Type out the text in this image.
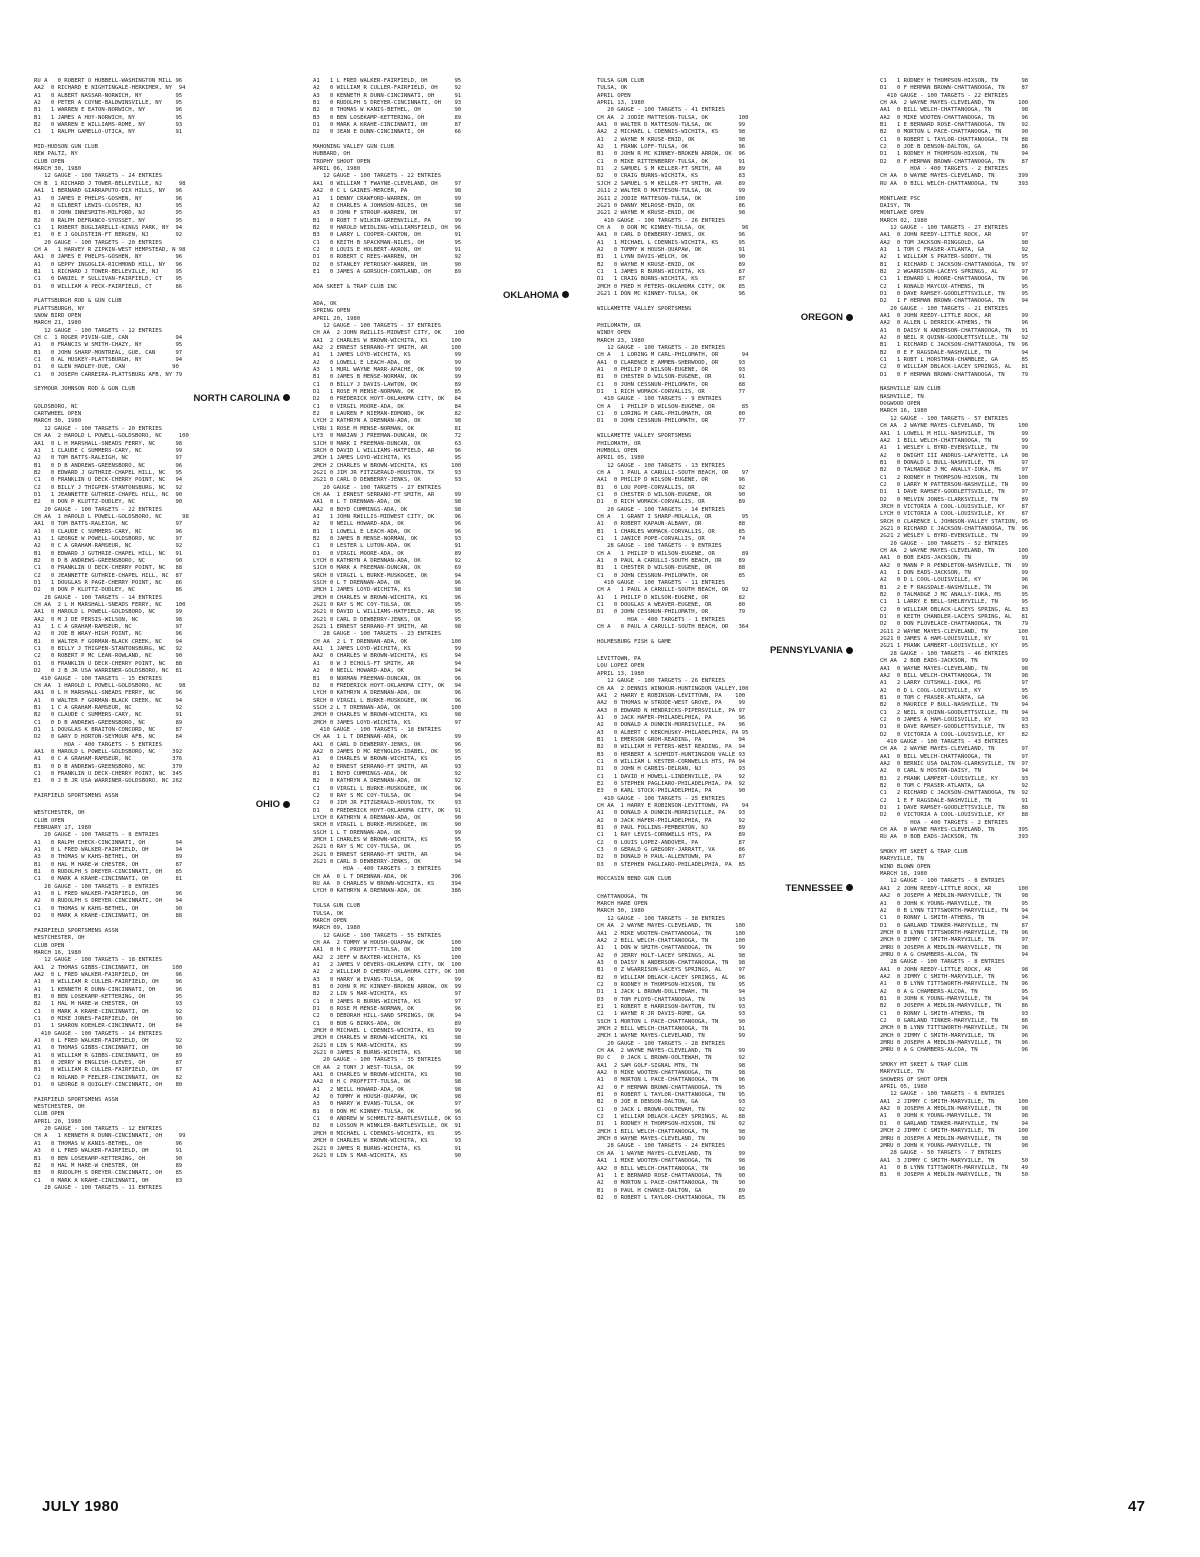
RU A   0 ROBERT O HUBBELL-WASHINGTON MILL 96
AA2  0 RICHARD E NIGHTINGALE-HERKIMER, NY  94
A1   0 ALBERT NASSAR-NORWICH, NY          95
A2   0 PETER A COYNE-BALDWINSVILLE, NY    95
B1   1 WARREN E EATON-NORWICH, NY         96
B1   1 JAMES A HOY-NORWICH, NY            95
B2   0 WARREN E WILLIAMS-ROME, NY         93
C1   1 RALPH GAMELLO-UTICA, NY            91
MID-HUDSON GUN CLUB
NEW PALTZ, NY
CLUB OPEN
MARCH 30, 1980
12 GAUGE - 100 TARGETS - 24 ENTRIES
CH B  1 RICHARD J TOWER-BELLEVILLE, NJ     98
AA1  1 BERNARD GIARRAPUTO-DIX HILLS, NY   96
A1   0 JAMES E PHELPS-GOSHEN, NY          96
A2   0 GILBERT LEWIS-CLOSTER, NJ          95
B1   0 JOHN INNESMITH-MILFORD, NJ         95
B2   0 RALPH DEFRANCO-SYOSSET, NY         95
C1   1 ROBERT BUGLIARELLI-KINGS PARK, NY  94
E1   0 E J GOLDSTEIN-FT BERGEN, NJ        92
20 GAUGE - 100 TARGETS - 20 ENTRIES
CH A   1 HARVEY R ZIPKIN-WEST HEMPSTEAD, N 98
AA1  0 JAMES E PHELPS-GOSHEN, NY          96
A1   0 GEPPY INGOGLIA-RICHMOND HILL, NY   96
B1   1 RICHARD J TOWER-BELLEVILLE, NJ     95
C1   0 DANIEL F SULLIVAN-FAIRFIELD, CT    95
D1   0 WILLIAM A PECK-FAIRFIELD, CT       86
PLATTSBURGH ROD & GUN CLUB
PLATTSBURGH, NY
SNOW BIRD OPEN
MARCH 21, 1980
12 GAUGE - 100 TARGETS - 12 ENTRIES
CH C  1 ROGER PIVIN-GUE, CAN              94
A1   0 FRANCIS W SMITH-CHAZY, NY          95
B1   0 JOHN SHARP-MONTREAL, GUE, CAN      97
C1   0 AL HUSKEY-PLATTSBURGH, NY          94
D1   0 GLEN HADLEY-DUE, CAN              90
C1   0 JOSEPH CARREIRA-PLATTSBURG AFB, NY 79
SEYMOUR JOHNSON ROD & GUN CLUB
NORTH CAROLINA
GOLDSBORO, NC
CARTWHEEL OPEN
MARCH 30, 1980
12 GAUGE - 100 TARGETS - 20 ENTRIES
CH AA  2 HAROLD L POWELL-GOLDSBORO, NC     100
AA1  0 L H MARSHALL-SNEADS FERRY, NC      98
A1   1 CLAUDE C SUMMERS-CARY, NC          99
A2   0 TOM BATTS-RALEIGH, NC              97
B1   0 D B ANDREWS-GREENSBORO, NC         96
B2   0 EDWARD J GUTHRIE-CHAPEL HILL, NC   95
C1   0 FRANKLIN U DECK-CHERRY POINT, NC   94
C2   0 BILLY J THIGPEN-STANTONSBURG, NC   92
D1   1 JEANNETTE GUTHRIE-CHAPEL HILL, NC  90
E2   0 DON P KLUTTZ-DUDLEY, NC            90
20 GAUGE - 100 TARGETS - 22 ENTRIES
CH AA  1 HAROLD L POWELL-GOLDSBORO, NC      98
AA1  0 TOM BATTS-RALEIGH, NC              97
A1   0 CLAUDE C SUMMERS-CARY, NC          96
A1   1 GEORGE W POWELL-GOLDSBORO, NC      97
A2   0 C A GRAHAM-RAMSEUR, NC             92
B1   0 EDWARD J GUTHRIE-CHAPEL HILL, NC   91
B2   0 D B ANDREWS-GREENSBORO, NC         90
C1   0 FRANKLIN U DECK-CHERRY POINT, NC   88
C2   0 JEANNETTE GUTHRIE-CHAPEL HILL, NC  87
D1   1 DOUGLAS R PAGE-CHERRY POINT, NC    86
D2   0 DON P KLUTTZ-DUDLEY, NC            86
28 GAUGE - 100 TARGETS - 14 ENTRIES
CH AA  2 L H MARSHALL-SNEADS FERRY, NC    100
AA1  0 HAROLD L POWELL-GOLDSBORO, NC      99
AA2  0 M J DE PERSIS-WILSON, NC           98
A1   1 C A GRAHAM-RAMSEUR, NC             97
A2   0 JOE B WRAY-HIGH POINT, NC          96
B1   0 WALTER F GORMAN-BLACK CREEK, NC    94
C1   0 BILLY J THIGPEN-STANTONSBURG, NC   92
C2   0 ROBERT P MC LEAN-ROWLAND, NC       90
D1   0 FRANKLIN U DECK-CHERRY POINT, NC   88
D2   0 J B JR USA WARRINER-GOLDSBORO, NC  81
410 GAUGE - 100 TARGETS - 15 ENTRIES
CH AA  1 HAROLD L POWELL-GOLDSBORO, NC     98
AA1  0 L H MARSHALL-SNEADS FERRY, NC      96
A1   0 WALTER F GORMAN-BLACK CREEK, NC    94
B1   1 C A GRAHAM-RAMSEUR, NC             92
B2   0 CLAUDE C SUMMERS-CARY, NC          91
C1   0 D B ANDREWS-GREENSBORO, NC         89
D1   1 DOUGLAS K BRAITON-CONCORD, NC      87
D2   0 GARY D HORTON-SEYMOUR AFB, NC      84
HOA - 400 TARGETS - 5 ENTRIES
AA1  0 HAROLD L POWELL-GOLDSBORO, NC     392
A1   0 C A GRAHAM-RAMSEUR, NC            376
B1   0 D B ANDREWS-GREENSBORO, NC        370
C1   0 FRANKLIN U DECK-CHERRY POINT, NC  345
E1   0 J B JR USA WARRINER-GOLDSBORO, NC 262
FAIRFIELD SPORTSMENS ASSN
OHIO
WESTCHESTER, OH
CLUB OPEN
FEBRUARY 17, 1980
20 GAUGE - 100 TARGETS - 8 ENTRIES
A1   0 RALPH CHECK-CINCINNATI, OH         94
A1   0 L FRED WALKER-FAIRFIELD, OH        94
A3   0 THOMAS W KAHS-BETHEL, OH           89
B1   0 HAL M HARE-W CHESTER, OH           87
B1   0 RUDOLPH S DREYER-CINCINNATI, OH    85
C1   0 MARK A KRAHE-CINCINNATI, OH        81
28 GAUGE - 100 TARGETS - 8 ENTRIES
A1   0 L FRED WALKER-FAIRFIELD, OH        96
A2   0 RUDOLPH S DREYER-CINCINNATI, OH    94
C1   0 THOMAS W KAHS-BETHEL, OH           90
D2   0 MARK A KRAHE-CINCINNATI, OH        88
FAIRFIELD SPORTSMENS ASSN
WESTCHESTER, OH
CLUB OPEN
MARCH 16, 1980
12 GAUGE - 100 TARGETS - 18 ENTRIES
AA1  2 THOMAS GIBBS-CINCINNATI, OH       100
AA2  0 L FRED WALKER-FAIRFIELD, OH        96
A1   0 WILLIAM R CULLER-FAIRFIELD, OH     96
A1   1 KENNETH R DUNN-CINCINNATI, OH      96
B1   0 BEN LOSEKAMP-KETTERING, OH         95
B2   1 HAL M HARE-W CHESTER, OH           93
C1   0 MARK A KRAHE-CINCINNATI, OH        92
C1   0 MIKE JONES-FAIRFIELD, OH           90
D1   1 SHARON KOEHLER-CINCINNATI, OH      84
410 GAUGE - 100 TARGETS - 14 ENTRIES
A1   0 L FRED WALKER-FAIRFIELD, OH        92
A1   0 THOMAS GIBBS-CINCINNATI, OH        90
A1   0 WILLIAM R GIBBS-CINCINNATI, OH     89
B1   0 JERRY W ENGLISH-CLEVES, OH         87
B1   0 WILLIAM R CULLER-FAIRFIELD, OH     87
C2   0 ROLAND P FEELER-CINCINNATI, OH     82
D1   0 GEORGE R QUIGLEY-CINCINNATI, OH    80
FAIRFIELD SPORTSMENS ASSN
WESTCHESTER, OH
CLUB OPEN
APRIL 20, 1980
20 GAUGE - 100 TARGETS - 12 ENTRIES
CH A   1 KENNETH R DUNN-CINCINNATI, OH     99
A1   0 THOMAS W KANIS-BETHEL, OH          96
A3   0 L FRED WALKER-FAIRFIELD, OH        91
B1   0 BEN LOSEKAMP-KETTERING, OH         90
B2   0 HAL M HARE-W CHESTER, OH           89
B3   0 RUDOLPH S DREYER-CINCINNATI, OH    85
C1   0 MARK A KRAHE-CINCINNATI, OH        83
28 GAUGE - 100 TARGETS - 11 ENTRIES
A1   1 L FRED WALKER-FAIRFIELD, OH        95
A2   0 WILLIAM R CULLER-FAIRFIELD, OH     92
A3   0 KENNETH R DUNN-CINCINNATI, OH      91
B1   0 RUDOLPH S DREYER-CINCINNATI, OH    93
B2   0 THOMAS W KANIS-BETHEL, OH          90
B3   0 BEN LOSEKAMP-KETTERING, OH         89
D1   0 MARK A KRAHE-CINCINNATI, OH        87
D2   0 JEAN E DUNN-CINCINNATI, OH         66
MAHONING VALLEY GUN CLUB
HUBBARD, OH
TROPHY SHOOT OPEN
APRIL 06, 1980
12 GAUGE - 100 TARGETS - 22 ENTRIES
AA1  0 WILLIAM T FWAYNE-CLEVELAND, OH     97
AA2  0 C L GAINES-MERCER, PA              98
A1   1 DENNY CRAWFORD-WARREN, OH          99
A2   0 CHARLES A JOHNSON-NILES, OH        98
A3   0 JOHN F STROUP-WARREN, OH           97
B1   0 ROBT T WILKIN-GREENVILLE, PA       99
B2   0 HAROLD WEIDLING-WILLIAMSFIELD, OH  96
B3   0 LARRY L COOPER-CANTON, OH          91
C1   0 KEITH B SPACKMAN-NILES, OH         95
C2   0 LOUIS E HOLBERT-AKRON, OH          91
D1   0 ROBERT C REES-WARREN, OH           92
D2   0 STANLEY PETROSKY-WARREN, OH        90
E1   0 JAMES A GORSUCH-CORTLAND, OH       89
ADA SKEET & TRAP CLUB INC
OKLAHOMA
ADA, OK
SPRING OPEN
APRIL 20, 1980
12 GAUGE - 100 TARGETS - 37 ENTRIES
CH AA  2 JOHN RWILLIS-MIDWEST CITY, OK    100
AA1  2 CHARLES W BROWN-WICHITA, KS       100
AA2  2 ERNEST SERRANO-FT SMITH, AR       100
A1   1 JAMES LOYD-WICHITA, KS             99
A2   0 LOWELL E LEACH-ADA, OK             99
A3   1 MURL WAYNE MARR-APACHE, OK         99
B1   0 JAMES B MENSE-NORMAN, OK           99
C1   0 BILLY J DAVIS-LAWTON, OK           89
D1   1 ROSE M MENSE-NORMAN, OK            85
D2   0 FREDERICK HOYT-OKLAHOMA CITY, OK   84
C1   0 VIRGIL MOORE-ADA, OK               84
E2   0 LAUREN F NIEMAN-EDMOND, OK         82
LYCH 2 KATHRYN A DRENNAN-ADA, OK          98
LYRU 1 ROSE M MENSE-NORMAN, OK            81
LY3  0 MARIAN J FREEMAN-DUNCAN, OK        72
SJCH 0 MARK I FREEMAN-DUNCAN, OK          63
SRCH 0 DAVID L WILLIAMS-HATFIELD, AR      96
2MCH 1 JAMES LOYD-WICHITA, KS             95
2MCH 2 CHARLES W BROWN-WICHITA, KS       100
2G21 0 JIM JR FITZGERALD-HOUSTON, TX      93
2G21 0 CARL D DEWBERRY-JENKS, OK          93
20 GAUGE - 100 TARGETS - 27 ENTRIES
CH AA  1 ERNEST SERRANO-FT SMITH, AR      99
AA1  0 L T DRENNAN-ADA, OK                98
AA2  0 BOYD CUMMINGS-ADA, OK              98
A1   1 JOHN RWILLIS-MIDWEST CITY, OK      96
A2   0 NEILL HOWARD-ADA, OK               96
B1   1 LOWELL E LEACH-ADA, OK             96
B2   0 JAMES B MENSE-NORMAN, OK           93
C1   0 LESTER L LUTON-ADA, OK             91
D1   0 VIRGIL MOORE-ADA, OK               89
LYCH 0 KATHRYN A DRENNAN-ADA, OK          92
SJCH 0 MARK A FREEMAN-DUNCAN, OK          69
SRCH 0 VIRGIL L BURKE-MUSKOGEE, OK        94
SSCH 0 L T DRENNAN-ADA, OK                96
2MCH 1 JAMES LOYD-WICHITA, KS             98
2MCH 0 CHARLES W BROWN-WICHITA, KS        96
2G21 0 RAY S MC COY-TULSA, OK             95
2G21 0 DAVID L WILLIAMS-HATFIELD, AR      95
2G21 0 CARL D DEWBERRY-JENKS, OK          95
2G21 1 ERNEST SERRANO-FT SMITH, AR        98
28 GAUGE - 100 TARGETS - 23 ENTRIES
CH AA  2 L T DRENNAN-ADA, OK             100
AA1  1 JAMES LOYD-WICHITA, KS             99
AA2  0 CHARLES W BROWN-WICHITA, KS        94
A1   0 W J ECHOLS-FT SMITH, AR            94
A2   0 NEILL HOWARD-ADA, OK               94
B1   0 NORMAN FREEMAN-DUNCAN, OK          96
D2   0 FREDERICK HOYT-OKLAHOMA CITY, OK   94
LYCH 0 KATHRYN A DRENNAN-ADA, OK          96
SRCH 0 VIRGIL L BURKE-MUSKOGEE, OK        96
SSCH 2 L T DRENNAN-ADA, OK               100
2MCH 0 CHARLES W BROWN-WICHITA, KS        98
2MCH 0 JAMES LOYD-WICHITA, KS             97
410 GAUGE - 100 TARGETS - 18 ENTRIES
CH AA  1 L T DRENNAN-ADA, OK              99
AA1  0 CARL D DEWBERRY-JENKS, OK          96
AA2  0 JAMES D MC REYNOLDS-IDABEL, OK     95
A1   0 CHARLES W BROWN-WICHITA, KS        95
A2   0 ERNEST SERRANO-FT SMITH, AR        93
B1   1 BOYD CUMMINGS-ADA, OK              92
B2   0 KATHRYN A DRENNAN-ADA, OK          92
C1   0 VIRGIL L BURKE-MUSKOGEE, OK        96
C2   0 RAY S MC COY-TULSA, OK             94
C2   0 JIM JR FITZGERALD-HOUSTON, TX      93
D1   0 FREDERICK HOYT-OKLAHOMA CITY, OK   91
LYCH 0 KATHRYN A DRENNAN-ADA, OK          90
SRCH 0 VIRGIL L BURKE-MUSKOGEE, OK        90
SSCH 1 L T DRENNAN-ADA, OK                99
2MCH 1 CHARLES W BROWN-WICHITA, KS        95
2G21 0 RAY S MC COY-TULSA, OK             95
2G21 0 ERNEST SERRANO-FT SMITH, AR        94
2G21 0 CARL D DEWBERRY-JENKS, OK          94
HOA - 400 TARGETS - 3 ENTRIES
CH AA  0 L T DRENNAN-ADA, OK             396
RU AA  0 CHARLES W BROWN-WICHITA, KS     394
LYCH 0 KATHRYN A DRENNAN-ADA, OK         386
TULSA GUN CLUB
TULSA, OK
MARCH OPEN
MARCH 09, 1980
12 GAUGE - 100 TARGETS - 55 ENTRIES
CH AA  2 TOMMY W HOUSH-QUAPAW, OK        100
AA1  0 H C PROFFITT-TULSA, OK            100
AA2  2 JEFF W BAXTER-WICHITA, KS         100
A1   2 JAMES V DEVERS-OKLAHOMA CITY, OK  100
A2   2 WILLIAM D CHERRY-OKLAHOMA CITY, OK 100
A3   0 HARRY W EVANS-TULSA, OK            99
B1   0 JOHN R MC KINNEY-BROKEN ARROW, OK  99
B2   2 LIN S MAR-WICHITA, KS              97
C1   0 JAMES R BURNS-WICHITA, KS          97
D1   0 ROSE M MENSE-NORMAN, OK            96
C2   0 DEBORAH HILL-SAND SPRINGS, OK      94
C1   0 BOB G BIRKS-ADA, OK                89
2MCH 0 MICHAEL L CDENNIS-WICHITA, KS      99
2MCH 0 CHARLES W BROWN-WICHITA, KS        98
2G21 0 LIN S MAR-WICHITA, KS              99
2G21 0 JAMES R BURNS-WICHITA, KS          98
20 GAUGE - 100 TARGETS - 35 ENTRIES
CH AA  2 TONY J WEST-TULSA, OK            99
AA1  0 CHARLES W BROWN-WICHITA, KS        98
AA2  0 H C PROFFITT-TULSA, OK             98
A1   2 NEILL HOWARD-ADA, OK               98
A2   0 TOMMY W HOUSH-QUAPAW, OK           98
A3   0 HARRY W EVANS-TULSA, OK            97
B1   0 DON MC KINNEY-TULSA, OK            96
C1   0 ANDREW W SCHMELTZ-BARTLESVILLE, OK 93
D2   0 LOSSON M WINKLER-BARTLESVILLE, OK  91
2MCH 0 MICHAEL L CDENNIS-WICHITA, KS      95
2MCH 0 CHARLES W BROWN-WICHITA, KS        93
2G21 0 JAMES R BURNS-WICHITA, KS          91
2G21 0 LIN S MAR-WICHITA, KS              90
TULSA GUN CLUB
TULSA, OK
APRIL OPEN
APRIL 13, 1980
20 GAUGE - 100 TARGETS - 41 ENTRIES
CH AA  2 JODIE MATTESON-TULSA, OK         100
AA1  0 WALTER D MATTESON-TULSA, OK        99
AA2  2 MICHAEL L CDENNIS-WICHITA, KS      98
A1   2 WAYNE M KRUSE-ENID, OK             98
A2   1 FRANK LOFF-TULSA, OK               96
B1   0 JOHN R MC KINNEY-BROKEN ARROW, OK  96
C1   0 MIKE RITTENBERRY-TULSA, OK         91
D1   2 SAMUEL S M KELLER-FT SMITH, AR     89
D2   0 CRAIG BURNS-WICHITA, KS            83
SJCH 2 SAMUEL S M KELLER-FT SMITH, AR     89
2G11 2 WALTER D MATTESON-TULSA, OK        99
2G11 2 JODIE MATTESON-TULSA, OK          100
2G21 0 DANNY MELROSE-ENID, OK             86
2G21 2 WAYNE M KRUSE-ENID, OK             98
410 GAUGE - 100 TARGETS - 26 ENTRIES
CH A   0 DON MC KINNEY-TULSA, OK           96
AA1  0 CARL D DEWBERRY-JENKS, OK          96
A1   1 MICHAEL L CDENNIS-WICHITA, KS      95
A2   0 TOMMY W HOUSH-QUAPAW, OK           91
B1   1 LYNN DAVIS-WELCH, OK               90
B2   0 WAYNE M KRUSE-ENID, OK             89
C1   1 JAMES R BURNS-WICHITA, KS          87
D1   1 CRAIG BURNS-WICHITA, KS            87
2MCH 0 FRED H PETERS-OKLAHOMA CITY, OK    85
2G21 1 DON MC KINNEY-TULSA, OK            96
WILLAMETTE VALLEY SPORTSMENS
OREGON
PHILOMATH, OR
WINDY OPEN
MARCH 23, 1980
12 GAUGE - 100 TARGETS - 20 ENTRIES
CH A   1 LORING M CARL-PHILOMATH, OR       94
AA1  0 CLARENCE E AMMEN-SHERWOOD, OR      93
A1   0 PHILIP D WILSON-EUGENE, OR         93
B1   0 CHESTER D WILSON-EUGENE, OR        91
C1   0 JOHN CESSNUN-PHILOMATH, OR         88
D1   1 RICH WOMACK-CORVALLIS, OR          77
410 GAUGE - 100 TARGETS - 9 ENTRIES
CH A   1 PHILIP D WILSON-EUGENE, OR        85
C1   0 LORING M CARL-PHILOMATH, OR        80
D1   0 JOHN CESSNUN-PHILOMATH, OR         77
WILLAMETTE VALLEY SPORTSMENS
PHILOMATH, OR
HUMBOLL OPEN
APRIL 05, 1980
12 GAUGE - 100 TARGETS - 13 ENTRIES
CH A   1 PAUL A CARULLI-SOUTH BEACH, OR    97
AA1  0 PHILIP D WILSON-EUGENE, OR         96
B1   0 LOU POPE-CORVALLIS, OR             92
C1   0 CHESTER D WILSON-EUGENE, OR        90
D1   0 RICH WOMACK-CORVALLIS, OR          89
20 GAUGE - 100 TARGETS - 14 ENTRIES
CH A   1 GRANT I SHARP-MOLALLA, OR         95
A1   0 ROBERT KAPAUN-ALBANY, OR           88
B1   1 CHARLES WOMACK-CORVALLIS, OR       85
C1   1 JANICE POPE-CORVALLIS, OR          74
28 GAUGE - 100 TARGETS - 9 ENTRIES
CH A   1 PHILIP D WILSON-EUGENE, OR        89
A1   0 PAUL A CARULLI-SOUTH BEACH, OR     89
B1   1 CHESTER D WILSON-EUGENE, OR        88
C1   0 JOHN CESSNUN-PHILOMATH, OR         85
410 GAUGE - 100 TARGETS - 11 ENTRIES
CH A   1 PAUL A CARULLI-SOUTH BEACH, OR    92
A1   1 PHILIP D WILSON-EUGENE, OR         82
C1   0 DOUGLAS A WEAVER-EUGENE, OR        80
D1   0 JOHN CESSNUN-PHILOMATH, OR         79
HOA - 400 TARGETS - 1 ENTRIES
CH A   0 PAUL A CARULLI-SOUTH BEACH, OR   364
HOLMESBURG FISH & GAME
PENNSYLVANIA
LEVITTOWN, PA
LOU LOPEZ OPEN
APRIL 13, 1980
12 GAUGE - 100 TARGETS - 26 ENTRIES
CH AA  2 DENNIS WINOKUR-HUNTINGDON VALLEY,100
AA1  2 HARRY E ROBINSON-LEVITTOWN, PA    100
AA2  0 THOMAS W STRODE-WEST GROVE, PA     99
AA3  0 EDWARD N HENDRICKS-PIPERSVILLE, PA 97
A1   0 JACK HAFER-PHILADELPHIA, PA        96
A2   0 DONALD A DUNKIN-MORRISVILLE, PA    96
A3   0 ALBERT C KERCHUSKY-PHILADELPHIA, PA 95
B1   1 EMERSON GROH-READING, PA           94
B2   0 WILLIAM H PETERS-WEST READING, PA  94
B3   0 HERBERT A SCHMIDT-HUNTINGDON VALLE 93
C1   0 WILLIAM L KESTER-CORNWELLS HTS, PA 94
D1   0 JOHN H CARBIS-DELRAN, NJ           93
C1   1 DAVID H HOWELL-LINDENVILLE, PA     92
E2   0 STEPHEN PAGLIARO-PHILADELPHIA, PA  92
E3   0 KARL STOCK-PHILADELPHIA, PA        90
410 GAUGE - 100 TARGETS - 25 ENTRIES
CH AA  1 HARRY E ROBINSON-LEVITTOWN, PA    94
A1   0 DONALD A DUNKIN-MORRISVILLE, PA    93
A2   0 JACK HAFER-PHILADELPHIA, PA        92
B1   0 PAUL FOLLINS-PEMBERTON, NJ         89
C1   1 RAY LEVIS-CORNWELLS HTS, PA        89
C2   0 LOUIS LOPEZ-ANDOVER, PA            87
C3   0 GERALD G GREGORY-JARRATT, VA       86
D2   0 DONALD H PAUL-ALLENTOWN, PA        87
D3   0 STEPHEN PAGLIARO-PHILADELPHIA, PA  85
MOCCASIN BEND GUN CLUB
TENNESSEE
CHATTANOOGA, TN
MARCH HARE OPEN
MARCH 30, 1980
12 GAUGE - 100 TARGETS - 38 ENTRIES
CH AA  2 WAYNE MAYES-CLEVELAND, TN       100
AA1  2 MIKE WOOTEN-CHATTANOOGA, TN       100
AA2  2 BILL WELCH-CHATTANOOGA, TN        100
A1   1 DON W SMITH-CHATTANOOGA, TN        99
A2   0 JERRY HOLT-LACEY SPRINGS, AL       98
A3   0 DAISY N ANDERSON-CHATTANOOGA, TN   98
B1   0 Z WGARRISON-LACEYS SPRINGS, AL     97
B2   0 WILLIAM DBLACK-LACEY SPRINGS, AL   96
C2   0 RODNEY H THOMPSON-HIXSON, TN       95
D1   1 JACK L BROWN-DOLLTEWAH, TN         94
D3   0 TOM FLOYD-CHATTANOOGA, TN          93
E1   1 ROBERT E HARRISON-DAYTON, TN       93
C2   1 WAYNE R JR DAVIS-ROME, GA          93
SSCH 1 MORTON L PACE-CHATTANOOGA, TN      90
2MCH 2 BILL WELCH-CHATTANOOGA, TN         91
2MCH 1 WAYNE MAYES-CLEVELAND, TN          99
20 GAUGE - 100 TARGETS - 28 ENTRIES
CH AA  2 WAYNE MAYES-CLEVELAND, TN        99
RU C   0 JACK L BROWN-OOLTEWAH, TN        92
AA1  2 SAM GOLF-SIGNAL MTN, TN            98
AA2  0 MIKE WOOTEN-CHATTANOOGA, TN        98
A1   0 MORTON L PACE-CHATTANOOGA, TN      96
A2   0 F HERMAN BROWN-CHATTANOOGA, TN     95
B1   0 ROBERT L TAYLOR-CHATTANOOGA, TN    95
B2   0 JOE B DENSON-DALTON, GA            93
C1   0 JACK L BROWN-OOLTEWAH, TN          92
C2   1 WILLIAM DBLACK-LACEY SPRINGS, AL   88
D1   1 RODNEY H THOMPSON-HIXSON, TN       92
2MCH 1 BILL WELCH-CHATTANOOGA, TN         98
2MCH 0 WAYNE MAYES-CLEVELAND, TN          99
28 GAUGE - 100 TARGETS - 24 ENTRIES
CH AA  1 WAYNE MAYES-CLEVELAND, TN        99
AA1  1 MIKE WOOTEN-CHATTANOOGA, TN        98
AA2  0 BILL WELCH-CHATTANOOGA, TN         98
A1   1 E BERNARD ROSE-CHATTANOOGA, TN     90
A2   0 MORTON L PACE-CHATTANOOGA, TN      90
B1   0 PAUL H CHANCE-DALTON, GA           89
B2   0 ROBERT L TAYLOR-CHATTANOOGA, TN    85
C1   1 RODNEY H THOMPSON-HIXSON, TN       98
D1   0 F HERMAN BROWN-CHATTANOOGA, TN     87
410 GAUGE - 100 TARGETS - 22 ENTRIES
CH AA  2 WAYNE MAYES-CLEVELAND, TN       100
AA1  0 BILL WELCH-CHATTANOOGA, TN         98
AA2  0 MIKE WOOTEN-CHATTANOOGA, TN        96
B1   1 E BERNARD ROSE-CHATTANOOGA, TN     92
B2   0 MORTON L PACE-CHATTANOOGA, TN      90
C1   0 ROBERT L TAYLOR-CHATTANOOGA, TN    88
C2   0 JOE B DENSON-DALTON, GA            86
D1   1 RODNEY H THOMPSON-HIXSON, TN       94
D2   0 F HERMAN BROWN-CHATTANOOGA, TN     87
HOA - 400 TARGETS - 2 ENTRIES
CH AA  0 WAYNE MAYES-CLEVELAND, TN       399
RU AA  0 BILL WELCH-CHATTANOOGA, TN      393
MONTLAKE PSC
DAISY, TN
MONTLAKE OPEN
MARCH 02, 1980
12 GAUGE - 100 TARGETS - 27 ENTRIES
AA1  0 JOHN REEDY-LITTLE ROCK, AR         97
AA2  0 TOM JACKSON-RINGGOLD, GA           98
A1   1 TOM C FRASER-ATLANTA, GA           92
A2   1 WILLIAM S PRATER-SODDY, TN         95
B1   1 RICHARD C JACKSON-CHATTANOOGA, TN  97
B2   2 WGARRISON-LACEYS SPRINGS, AL       97
C1   1 EDWARD L MOORE-CHATTANOOGA, TN     96
C2   1 RONALD MAYCUX-ATHENS, TN           95
D1   0 DAVE RAMSEY-GOODLETTSVILLE, TN     95
D2   1 F HERMAN BROWN-CHATTANOOGA, TN     94
20 GAUGE - 100 TARGETS - 21 ENTRIES
AA1  0 JOHN REEDY-LITTLE ROCK, AR         99
AA2  0 ALLEN L DERRICK-ATHENS, TN         96
A1   0 DAISY N ANDERSON-CHATTANOOGA, TN   91
A2   0 NEIL R QUINN-GOODLETTSVILLE, TN    92
B1   1 RICHARD C JACKSON-CHATTANOOGA, TN  96
B2   0 E F RAGSDALE-NASHVILLE, TN         94
C1   1 ROBT L HORSTMAN-CHAMBLEE, GA       85
C2   0 WILLIAM DBLACK-LACEY SPRINGS, AL   81
D1   0 F HERMAN BROWN-CHATTANOOGA, TN     79
NASHVILLE GUN CLUB
NASHVILLE, TN
DOGWOOD OPEN
MARCH 16, 1980
12 GAUGE - 100 TARGETS - 57 ENTRIES
CH AA  2 WAYNE MAYES-CLEVELAND, TN       100
AA1  1 LOWELL M HILL-NASHVILLE, TN        99
AA2  1 BILL WELCH-CHATTANOOGA, TN         99
A1   1 WESLEY L BYRD-EVENSVILLE, TN       99
A2   0 DWIGHT III ANDRUS-LAFAYETTE, LA    98
B1   0 DONALD L BULL-NASHVILLE, TN        97
B2   0 TALMADGE J MC ANALLY-IUKA, MS      97
C1   2 RODNEY H THOMPSON-HIXSON, TN      100
C2   0 LARRY M PATTERSON-NASHVILLE, TN    99
D1   1 DAVE RAMSEY-GOODLETTSVILLE, TN     97
D2   0 MELVIN JONES-CLARKSVILLE, TN       89
JRCH 0 VICTORIA A COOL-LOUISVILLE, KY     87
LYCH 0 VICTORIA A COOL-LOUISVILLE, KY     87
SRCH 0 CLARENCE L JOHNSON-VALLEY STATION, 95
2G21 0 RICHARD C JACKSON-CHATTANOOGA, TN  96
2G21 2 WESLEY L BYRD-EVENSVILLE, TN       99
20 GAUGE - 100 TARGETS - 52 ENTRIES
CH AA  2 WAYNE MAYES-CLEVELAND, TN       100
AA1  0 BOB EADS-JACKSON, TN               99
AA2  0 MANN P R PENDLETON-NASHVILLE, TN   99
A1   1 DON EADS-JACKSON, TN               99
A2   0 D L COOL-LOUISVILLE, KY            96
B1   2 E F RAGSDALE-NASHVILLE, TN         96
B2   0 TALMADGE J MC ANALLY-IUKA, MS      95
C1   1 LARRY E BELL-SHELBYVILLE, TN       95
C2   0 WILLIAM DBLACK-LACEYS SPRING, AL   83
D1   0 KEITH CHANDLER-LACEYS SPRING, AL   81
D2   0 DON FLOVELACE-CHATTANOOGA, TN      79
2G11 2 WAYNE MAYES-CLEVELAND, TN         100
2G21 0 JAMES A HAM-LOUISVILLE, KY         91
2G21 1 FRANK LAMBERT-LOUISVILLE, KY       95
28 GAUGE - 100 TARGETS - 46 ENTRIES
CH AA  2 BOB EADS-JACKSON, TN             99
AA1  0 WAYNE MAYES-CLEVELAND, TN          98
AA2  0 BILL WELCH-CHATTANOOGA, TN         98
A1   2 LARRY CUTSHALL-IUKA, MS            97
A2   0 D L COOL-LOUISVILLE, KY            95
B1   0 TOM C FRASER-ATLANTA, GA           96
B2   0 MAURICE P BULL-NASHVILLE, TN       94
C1   2 NEIL R QUINN-GOODLETTSVILLE, TN    94
C2   0 JAMES A HAM-LOUISVILLE, KY         93
D1   0 DAVE RAMSEY-GOODLETTSVILLE, TN     83
D2   0 VICTORIA A COOL-LOUISVILLE, KY     82
410 GAUGE - 100 TARGETS - 43 ENTRIES
CH AA  2 WAYNE MAYES-CLEVELAND, TN        97
AA1  0 BILL WELCH-CHATTANOOGA, TN         97
AA2  0 BERNIC USA DALTON-CLARKSVILLE, TN  97
A2   0 CARL N HOSTON-DAISY, TN            94
B1   2 FRANK LAMPERT-LOUISVILLE, KY       93
B2   0 TOM C FRASER-ATLANTA, GA           92
C1   2 RICHARD C JACKSON-CHATTANOOGA, TN  92
C2   1 E F RAGSDALE-NASHVILLE, TN         91
D1   1 DAVE RAMSEY-GOODLETTSVILLE, TN     88
D2   0 VICTORIA A COOL-LOUISVILLE, KY     88
HOA - 400 TARGETS - 2 ENTRIES
CH AA  0 WAYNE MAYES-CLEVELAND, TN       395
RU AA  0 BOB EADS-JACKSON, TN            393
SMOKY MT SKEET & TRAP CLUB
MARYVILLE, TN
WIND BLOWN OPEN
MARCH 18, 1980
12 GAUGE - 100 TARGETS - 8 ENTRIES
AA1  2 JOHN REEDY-LITTLE ROCK, AR        100
AA2  0 JOSEPH A MEDLIN-MARYVILLE, TN      98
A1   0 JOHN K YOUNG-MARYVILLE, TN         95
A2   0 B LYNN TITTSWORTH-MARYVILLE, TN    94
C1   0 RONNY L SMITH-ATHENS, TN           94
D1   0 GARLAND TINKER-MARYVILLE, TN       87
2MCH 0 B LYNN TITTSWORTH-MARYVILLE, TN    96
2MCH 0 JIMMY C SMITH-MARYVILLE, TN        97
2MRU 0 JOSEPH A MEDLIN-MARYVILLE, TN      98
2MRU 0 A G CHAMBERS-ALCOA, TN             94
28 GAUGE - 100 TARGETS - 8 ENTRIES
AA1  0 JOHN REEDY-LITTLE ROCK, AR         98
AA2  0 JIMMY C SMITH-MARYVILLE, TN        96
A1   0 B LYNN TITTSWORTH-MARYVILLE, TN    96
A2   0 A G CHAMBERS-ALCOA, TN             95
B1   0 JOHN K YOUNG-MARYVILLE, TN         94
B2   0 JOSEPH A MEDLIN-MARYVILLE, TN      86
C1   0 RONNY L SMITH-ATHENS, TN           93
C2   0 GARLAND TINKER-MARYVILLE, TN       86
2MCH 0 B LYNN TITTSWORTH-MARYVILLE, TN    96
2MCH 0 JIMMY C SMITH-MARYVILLE, TN        96
2MRU 0 JOSEPH A MEDLIN-MARYVILLE, TN      96
2MRU 0 A G CHAMBERS-ALCOA, TN             96
SMOKY MT SKEET & TRAP CLUB
MARYVILLE, TN
SHOWERS OF SHOT OPEN
APRIL 05, 1980
12 GAUGE - 100 TARGETS - 6 ENTRIES
AA1  2 JIMMY C SMITH-MARYVILLE, TN       100
AA2  0 JOSEPH A MEDLIN-MARYVILLE, TN      98
A1   0 JOHN K YOUNG-MARYVILLE, TN         98
D1   0 GARLAND TINKER-MARYVILLE, TN       94
2MCH 2 JIMMY C SMITH-MARYVILLE, TN       100
2MRU 0 JOSEPH A MEDLIN-MARYVILLE, TN      98
2MRU 0 JOHN K YOUNG-MARYVILLE, TN         98
28 GAUGE - 50 TARGETS - 7 ENTRIES
AA1  3 JIMMY C SMITH-MARYVILLE, TN        50
A1   0 B LYNN TITTSWORTH-MARYVILLE, TN    49
B1   0 JOSEPH A MEDLIN-MARYVILLE, TN      50
JULY 1980	47
